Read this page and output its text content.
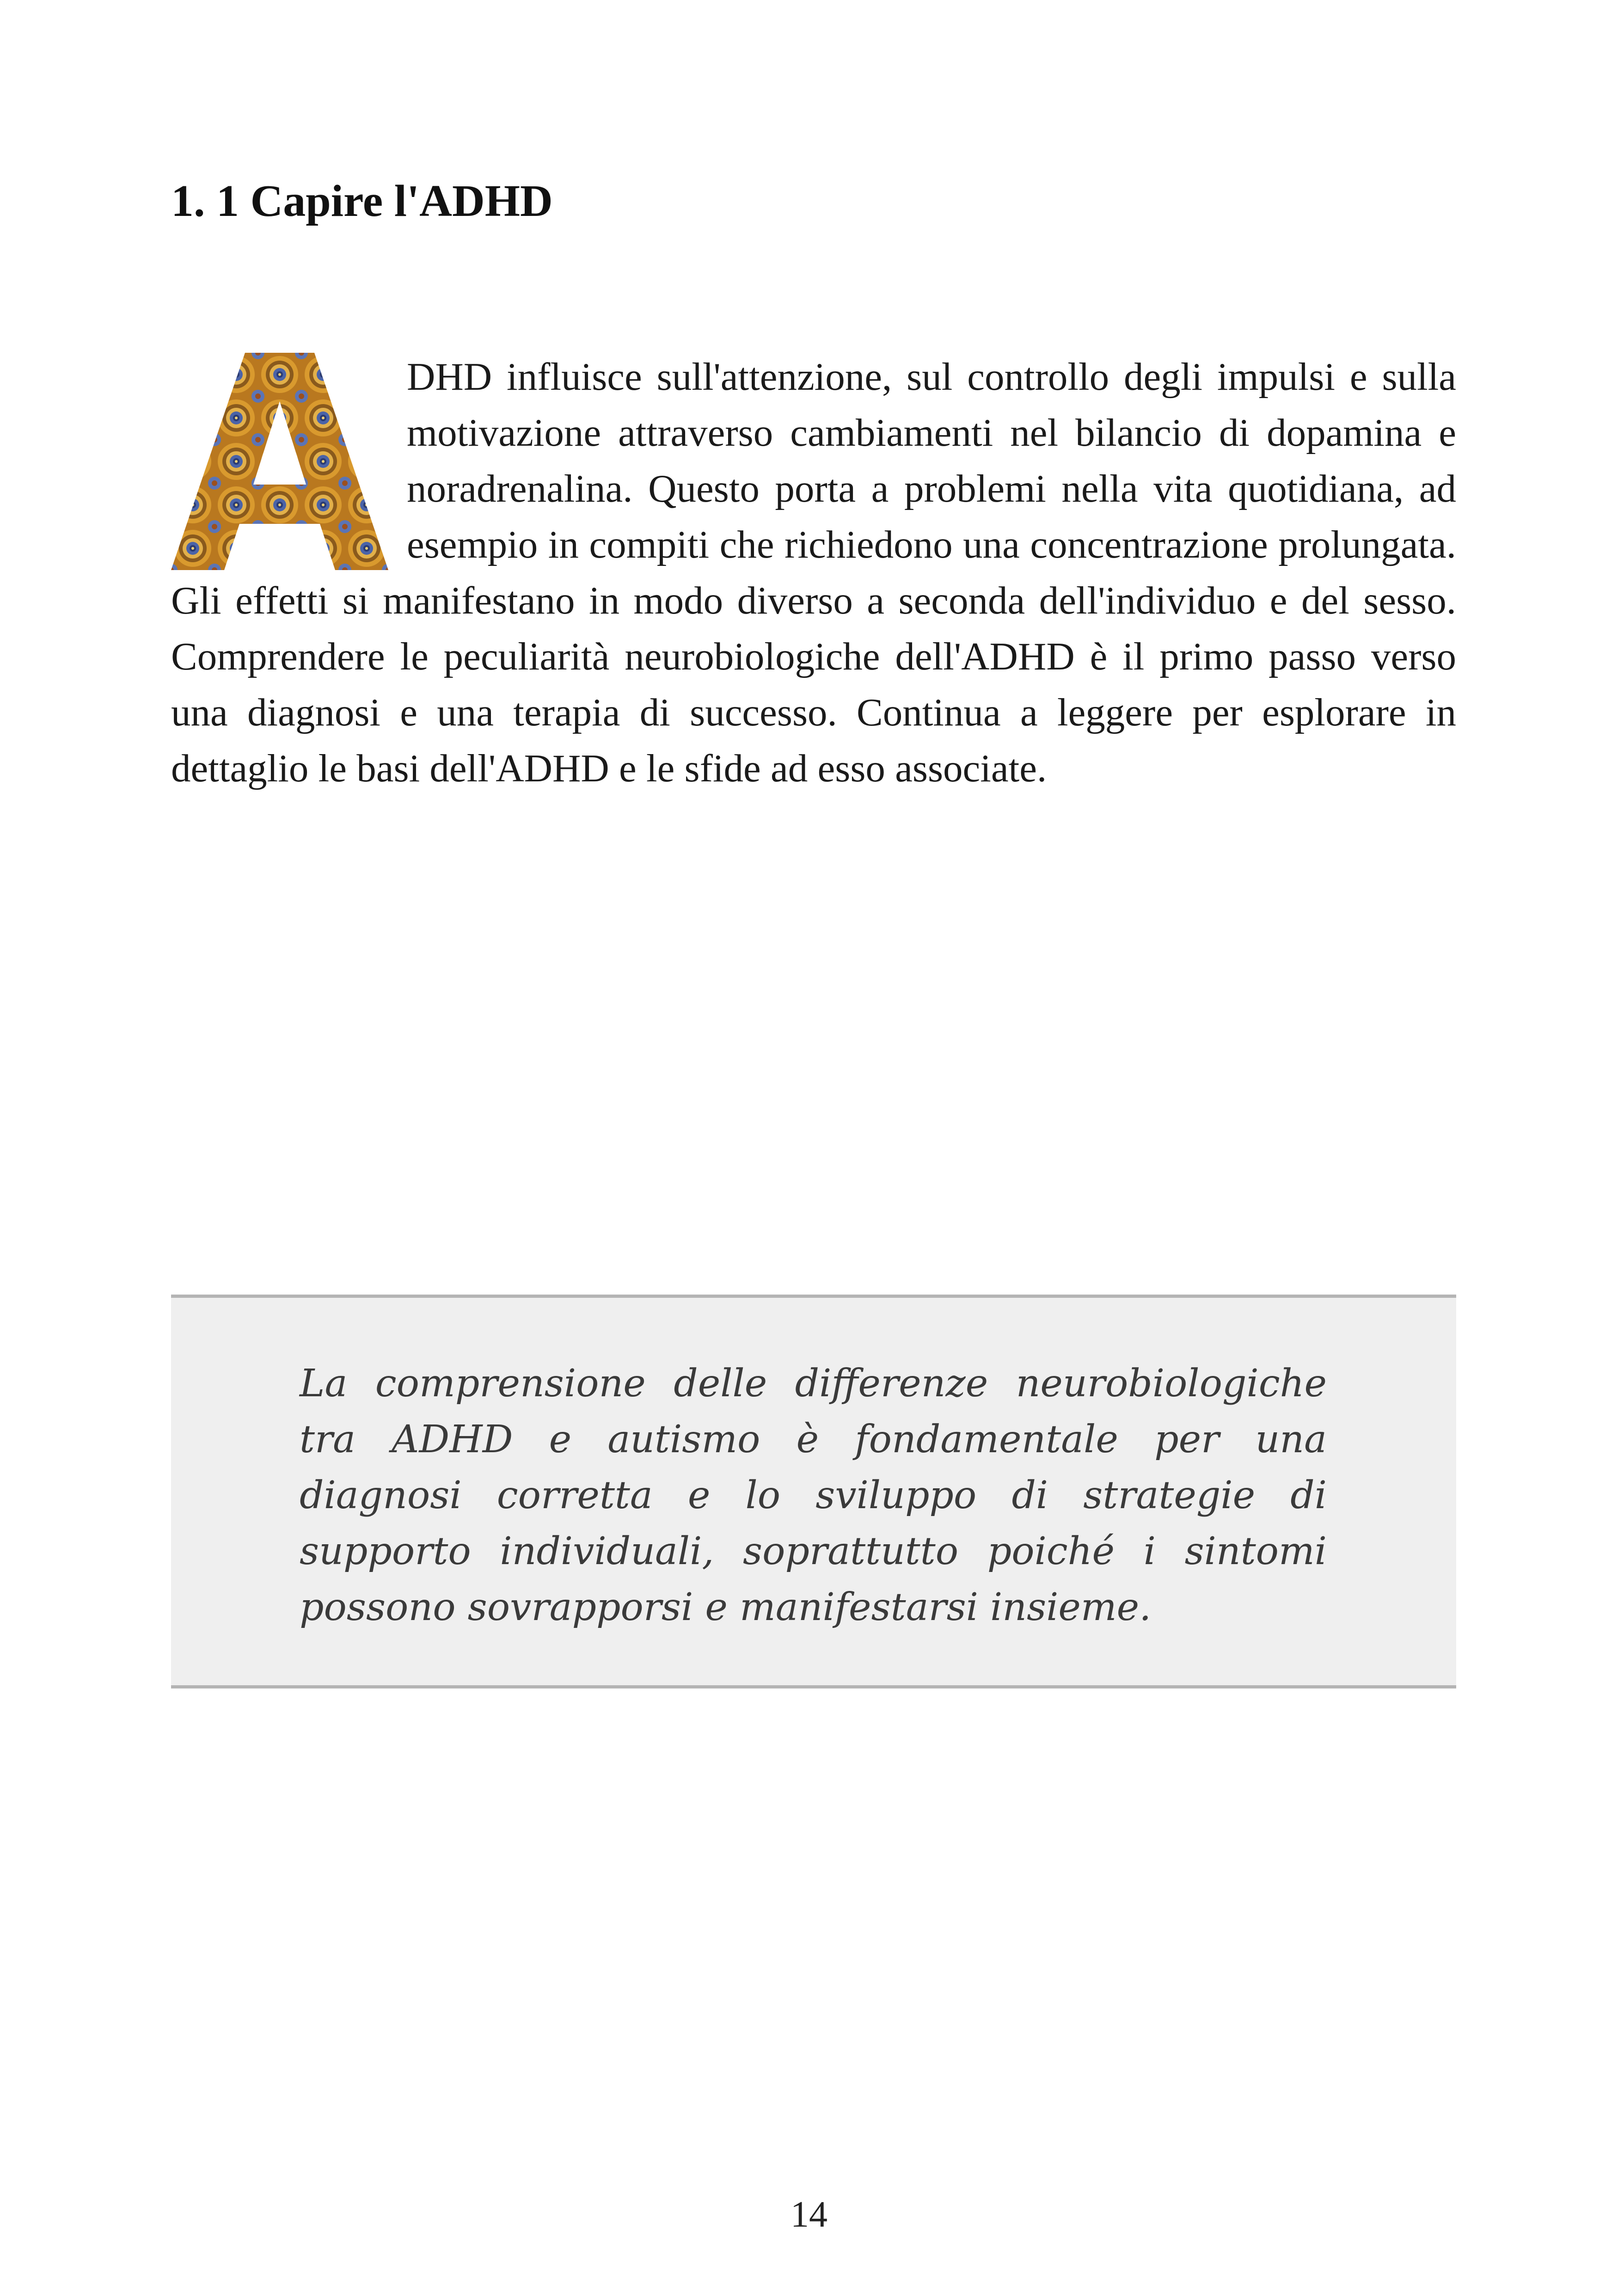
1. 1 Capire l'ADHD

DHD influisce sull'attenzione, sul controllo degli impulsi e sulla motivazione attraverso cambiamenti nel bilancio di dopamina e noradrenalina. Questo porta a problemi nella vita quotidiana, ad esempio in compiti che richiedono una concentrazione prolungata. Gli effetti si manifestano in modo diverso a seconda dell'individuo e del sesso. Comprendere le peculiarità neurobiologiche dell'ADHD è il primo passo verso una diagnosi e una terapia di successo. Continua a leggere per esplorare in dettaglio le basi dell'ADHD e le sfide ad esso associate.

La comprensione delle differenze neurobiologiche tra ADHD e autismo è fondamentale per una diagnosi corretta e lo sviluppo di strategie di supporto individuali, soprattutto poiché i sintomi possono sovrapporsi e manifestarsi insieme.

14
